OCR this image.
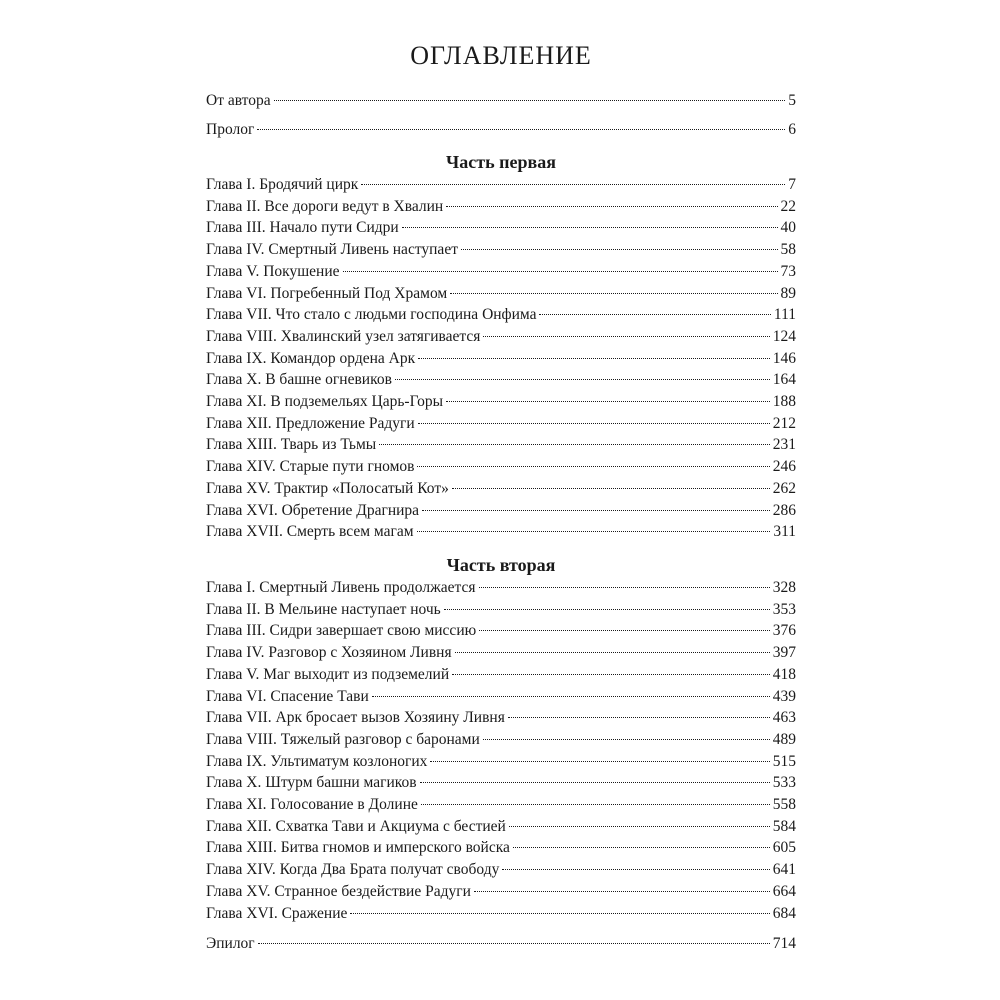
ОГЛАВЛЕНИЕ
От автора	5
Пролог	6
Часть первая
Глава I. Бродячий цирк	7
Глава II. Все дороги ведут в Хвалин	22
Глава III. Начало пути Сидри	40
Глава IV. Смертный Ливень наступает	58
Глава V. Покушение	73
Глава VI. Погребенный Под Храмом	89
Глава VII. Что стало с людьми господина Онфима	111
Глава VIII. Хвалинский узел затягивается	124
Глава IX. Командор ордена Арк	146
Глава X. В башне огневиков	164
Глава XI. В подземельях Царь-Горы	188
Глава XII. Предложение Радуги	212
Глава XIII. Тварь из Тьмы	231
Глава XIV. Старые пути гномов	246
Глава XV. Трактир «Полосатый Кот»	262
Глава XVI. Обретение Драгнира	286
Глава XVII. Смерть всем магам	311
Часть вторая
Глава I. Смертный Ливень продолжается	328
Глава II. В Мельине наступает ночь	353
Глава III. Сидри завершает свою миссию	376
Глава IV. Разговор с Хозяином Ливня	397
Глава V. Маг выходит из подземелий	418
Глава VI. Спасение Тави	439
Глава VII. Арк бросает вызов Хозяину Ливня	463
Глава VIII. Тяжелый разговор с баронами	489
Глава IX. Ультиматум козлоногих	515
Глава X. Штурм башни магиков	533
Глава XI. Голосование в Долине	558
Глава XII. Схватка Тави и Акциума с бестией	584
Глава XIII. Битва гномов и имперского войска	605
Глава XIV. Когда Два Брата получат свободу	641
Глава XV. Странное бездействие Радуги	664
Глава XVI. Сражение	684
Эпилог	714
